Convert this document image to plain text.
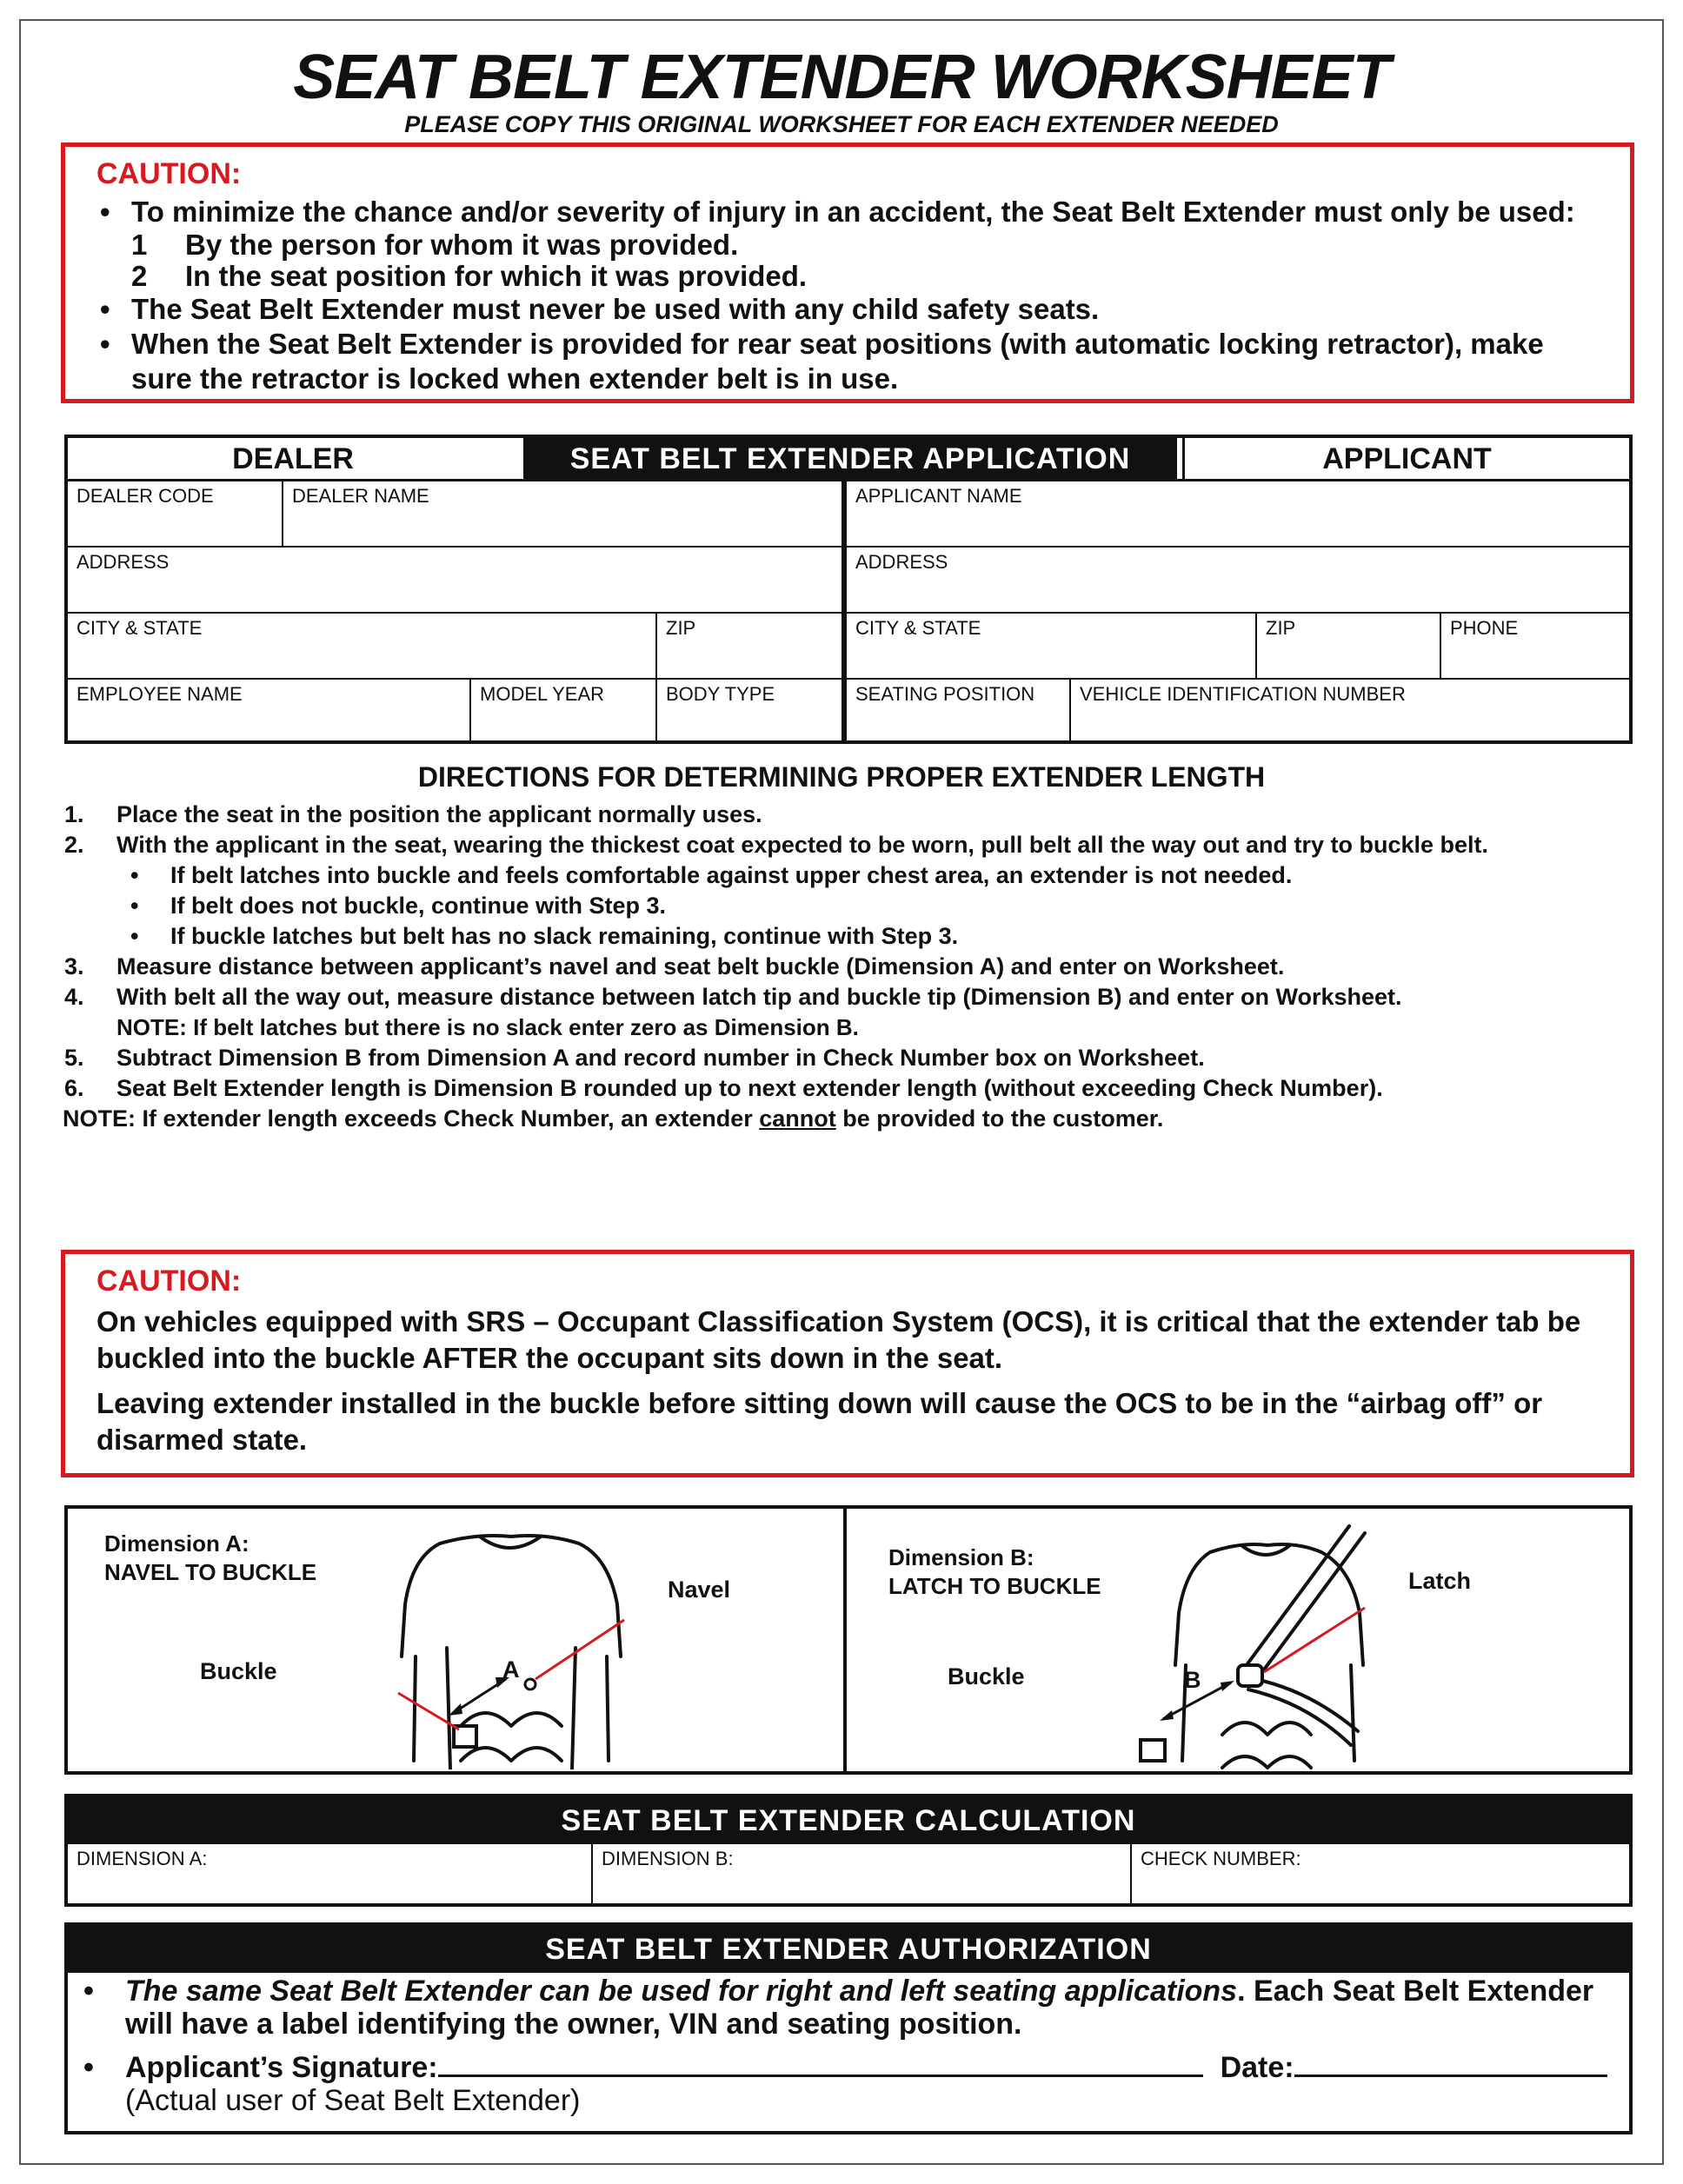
SEAT BELT EXTENDER WORKSHEET
PLEASE COPY THIS ORIGINAL WORKSHEET FOR EACH EXTENDER NEEDED
CAUTION:
• To minimize the chance and/or severity of injury in an accident, the Seat Belt Extender must only be used:
1	By the person for whom it was provided.
2	In the seat position for which it was provided.
• The Seat Belt Extender must never be used with any child safety seats.
• When the Seat Belt Extender is provided for rear seat positions (with automatic locking retractor), make sure the retractor is locked when extender belt is in use.
DEALER	SEAT BELT EXTENDER APPLICATION	APPLICANT
DEALER CODE	DEALER NAME
ADDRESS
CITY & STATE	ZIP
EMPLOYEE NAME	MODEL YEAR	BODY TYPE
APPLICANT NAME
ADDRESS
CITY & STATE	ZIP	PHONE
SEATING POSITION	VEHICLE IDENTIFICATION NUMBER
DIRECTIONS FOR DETERMINING PROPER EXTENDER LENGTH
1. Place the seat in the position the applicant normally uses.
2. With the applicant in the seat, wearing the thickest coat expected to be worn, pull belt all the way out and try to buckle belt.
• If belt latches into buckle and feels comfortable against upper chest area, an extender is not needed.
• If belt does not buckle, continue with Step 3.
• If buckle latches but belt has no slack remaining, continue with Step 3.
3. Measure distance between applicant’s navel and seat belt buckle (Dimension A) and enter on Worksheet.
4. With belt all the way out, measure distance between latch tip and buckle tip (Dimension B) and enter on Worksheet.
NOTE: If belt latches but there is no slack enter zero as Dimension B.
5. Subtract Dimension B from Dimension A and record number in Check Number box on Worksheet.
6. Seat Belt Extender length is Dimension B rounded up to next extender length (without exceeding Check Number).
NOTE: If extender length exceeds Check Number, an extender cannot be provided to the customer.
CAUTION:
On vehicles equipped with SRS – Occupant Classification System (OCS), it is critical that the extender tab be buckled into the buckle AFTER the occupant sits down in the seat.
Leaving extender installed in the buckle before sitting down will cause the OCS to be in the “airbag off” or disarmed state.
Dimension A:
NAVEL TO BUCKLE
A
Buckle
Navel
Dimension B:
LATCH TO BUCKLE
B
Buckle
Latch
SEAT BELT EXTENDER CALCULATION
DIMENSION A:	DIMENSION B:	CHECK NUMBER:
SEAT BELT EXTENDER AUTHORIZATION
• The same Seat Belt Extender can be used for right and left seating applications. Each Seat Belt Extender will have a label identifying the owner, VIN and seating position.
• Applicant’s Signature:	Date:
(Actual user of Seat Belt Extender)
